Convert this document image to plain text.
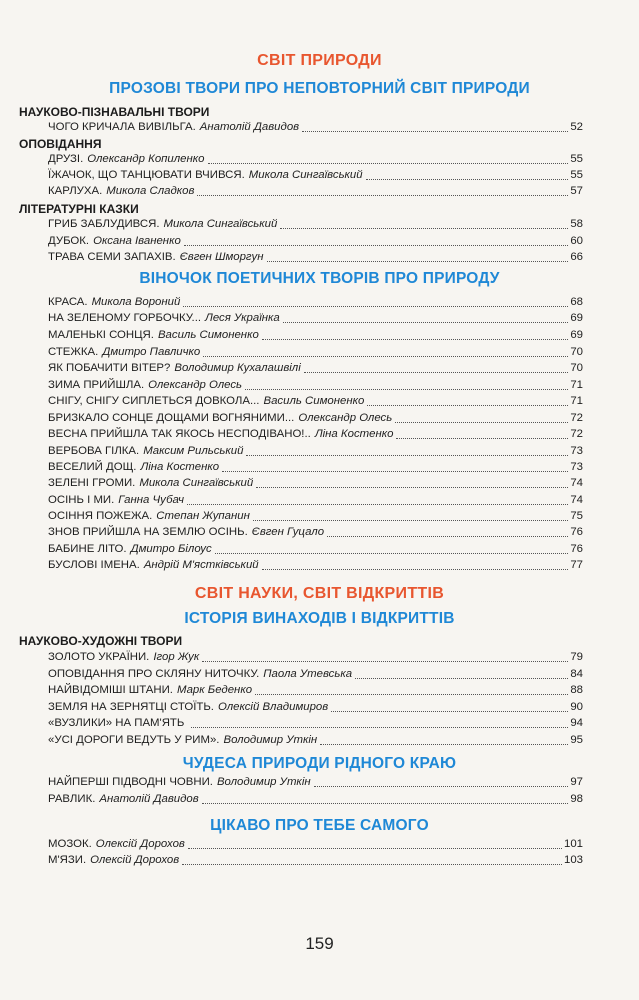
СВІТ ПРИРОДИ
ПРОЗОВІ ТВОРИ ПРО НЕПОВТОРНИЙ СВІТ ПРИРОДИ
НАУКОВО-ПІЗНАВАЛЬНІ ТВОРИ
ЧОГО КРИЧАЛА ВИВІЛЬГА. Анатолій Давидов	52
ОПОВІДАННЯ
ДРУЗІ. Олександр Копиленко	55
ЇЖАЧОК, ЩО ТАНЦЮВАТИ ВЧИВСЯ. Микола Сингаївський	55
КАРЛУХА. Микола Сладков	57
ЛІТЕРАТУРНІ КАЗКИ
ГРИБ ЗАБЛУДИВСЯ. Микола Сингаївський	58
ДУБОК. Оксана Іваненко	60
ТРАВА СЕМИ ЗАПАХІВ. Євген Шморгун	66
ВІНОЧОК ПОЕТИЧНИХ ТВОРІВ ПРО ПРИРОДУ
КРАСА. Микола Вороний	68
НА ЗЕЛЕНОМУ ГОРБОЧКУ... Леся Українка	69
МАЛЕНЬКІ СОНЦЯ. Василь Симоненко	69
СТЕЖКА. Дмитро Павличко	70
ЯК ПОБАЧИТИ ВІТЕР? Володимир Кухалашвілі	70
ЗИМА ПРИЙШЛА. Олександр Олесь	71
СНІГУ, СНІГУ СИПЛЕТЬСЯ ДОВКОЛА... Василь Симоненко	71
БРИЗКАЛО СОНЦЕ ДОЩАМИ ВОГНЯНИМИ... Олександр Олесь	72
ВЕСНА ПРИЙШЛА ТАК ЯКОСЬ НЕСПОДІВАНО!.. Ліна Костенко	72
ВЕРБОВА ГІЛКА. Максим Рильський	73
ВЕСЕЛИЙ ДОЩ. Ліна Костенко	73
ЗЕЛЕНІ ГРОМИ. Микола Сингаївський	74
ОСІНЬ І МИ. Ганна Чубач	74
ОСІННЯ ПОЖЕЖА. Степан Жупанин	75
ЗНОВ ПРИЙШЛА НА ЗЕМЛЮ ОСІНЬ. Євген Гуцало	76
БАБИНЕ ЛІТО. Дмитро Білоус	76
БУСЛОВІ ІМЕНА. Андрій М'ястківський	77
СВІТ НАУКИ, СВІТ ВІДКРИТТІВ
ІСТОРІЯ ВИНАХОДІВ І ВІДКРИТТІВ
НАУКОВО-ХУДОЖНІ ТВОРИ
ЗОЛОТО УКРАЇНИ. Ігор Жук	79
ОПОВІДАННЯ ПРО СКЛЯНУ НИТОЧКУ. Паола Утевська	84
НАЙВІДОМІШІ ШТАНИ. Марк Беденко	88
ЗЕМЛЯ НА ЗЕРНЯТЦІ СТОЇТЬ. Олексій Владимиров	90
«ВУЗЛИКИ» НА ПАМ'ЯТЬ	94
«УСІ ДОРОГИ ВЕДУТЬ У РИМ». Володимир Уткін	95
ЧУДЕСА ПРИРОДИ РІДНОГО КРАЮ
НАЙПЕРШІ ПІДВОДНІ ЧОВНИ. Володимир Уткін	97
РАВЛИК. Анатолій Давидов	98
ЦІКАВО ПРО ТЕБЕ САМОГО
МОЗОК. Олексій Дорохов	101
М'ЯЗИ. Олексій Дорохов	103
159
